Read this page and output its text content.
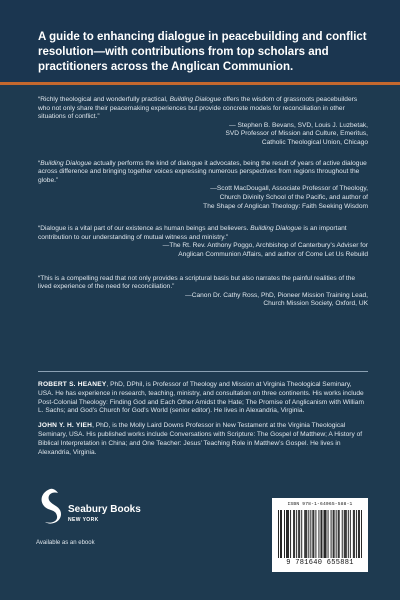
A guide to enhancing dialogue in peacebuilding and conflict resolution—with contributions from top scholars and practitioners across the Anglican Communion.

“Richly theological and wonderfully practical, Building Dialogue offers the wisdom of grassroots peacebuilders who not only share their peacemaking experiences but provide concrete models for reconciliation in other situations of conflict.”

— Stephen B. Bevans, SVD, Louis J. Luzbetak,

SVD Professor of Mission and Culture, Emeritus,

Catholic Theological Union, Chicago

“Building Dialogue actually performs the kind of dialogue it advocates, being the result of years of active dialogue across difference and bringing together voices expressing numerous perspectives from regions throughout the globe.”

—Scott MacDougall, Associate Professor of Theology,

Church Divinity School of the Pacific, and author of

The Shape of Anglican Theology: Faith Seeking Wisdom

“Dialogue is a vital part of our existence as human beings and believers. Building Dialogue is an important contribution to our understanding of mutual witness and ministry.”

—The Rt. Rev. Anthony Poggo, Archbishop of Canterbury’s Adviser for

Anglican Communion Affairs, and author of Come Let Us Rebuild

“This is a compelling read that not only provides a scriptural basis but also narrates the painful realities of the lived experience of the need for reconciliation.”

—Canon Dr. Cathy Ross, PhD, Pioneer Mission Training Lead,

Church Mission Society, Oxford, UK

ROBERT S. HEANEY, PhD, DPhil, is Professor of Theology and Mission at Virginia Theological Seminary, USA. He has experience in research, teaching, ministry, and consultation on three continents. His works include Post-Colonial Theology: Finding God and Each Other Amidst the Hate; The Promise of Anglicanism with William L. Sachs; and God’s Church for God’s World (senior editor). He lives in Alexandria, Virginia.

JOHN Y. H. YIEH, PhD, is the Molly Laird Downs Professor in New Testament at the Virginia Theological Seminary, USA. His published works include Conversations with Scripture: The Gospel of Matthew; A History of Biblical Interpretation in China; and One Teacher: Jesus’ Teaching Role in Matthew’s Gospel. He lives in Alexandria, Virginia.

Seabury Books
NEW YORK
Available as an ebook
ISBN 978-1-64065-588-1
9 781640 655881
